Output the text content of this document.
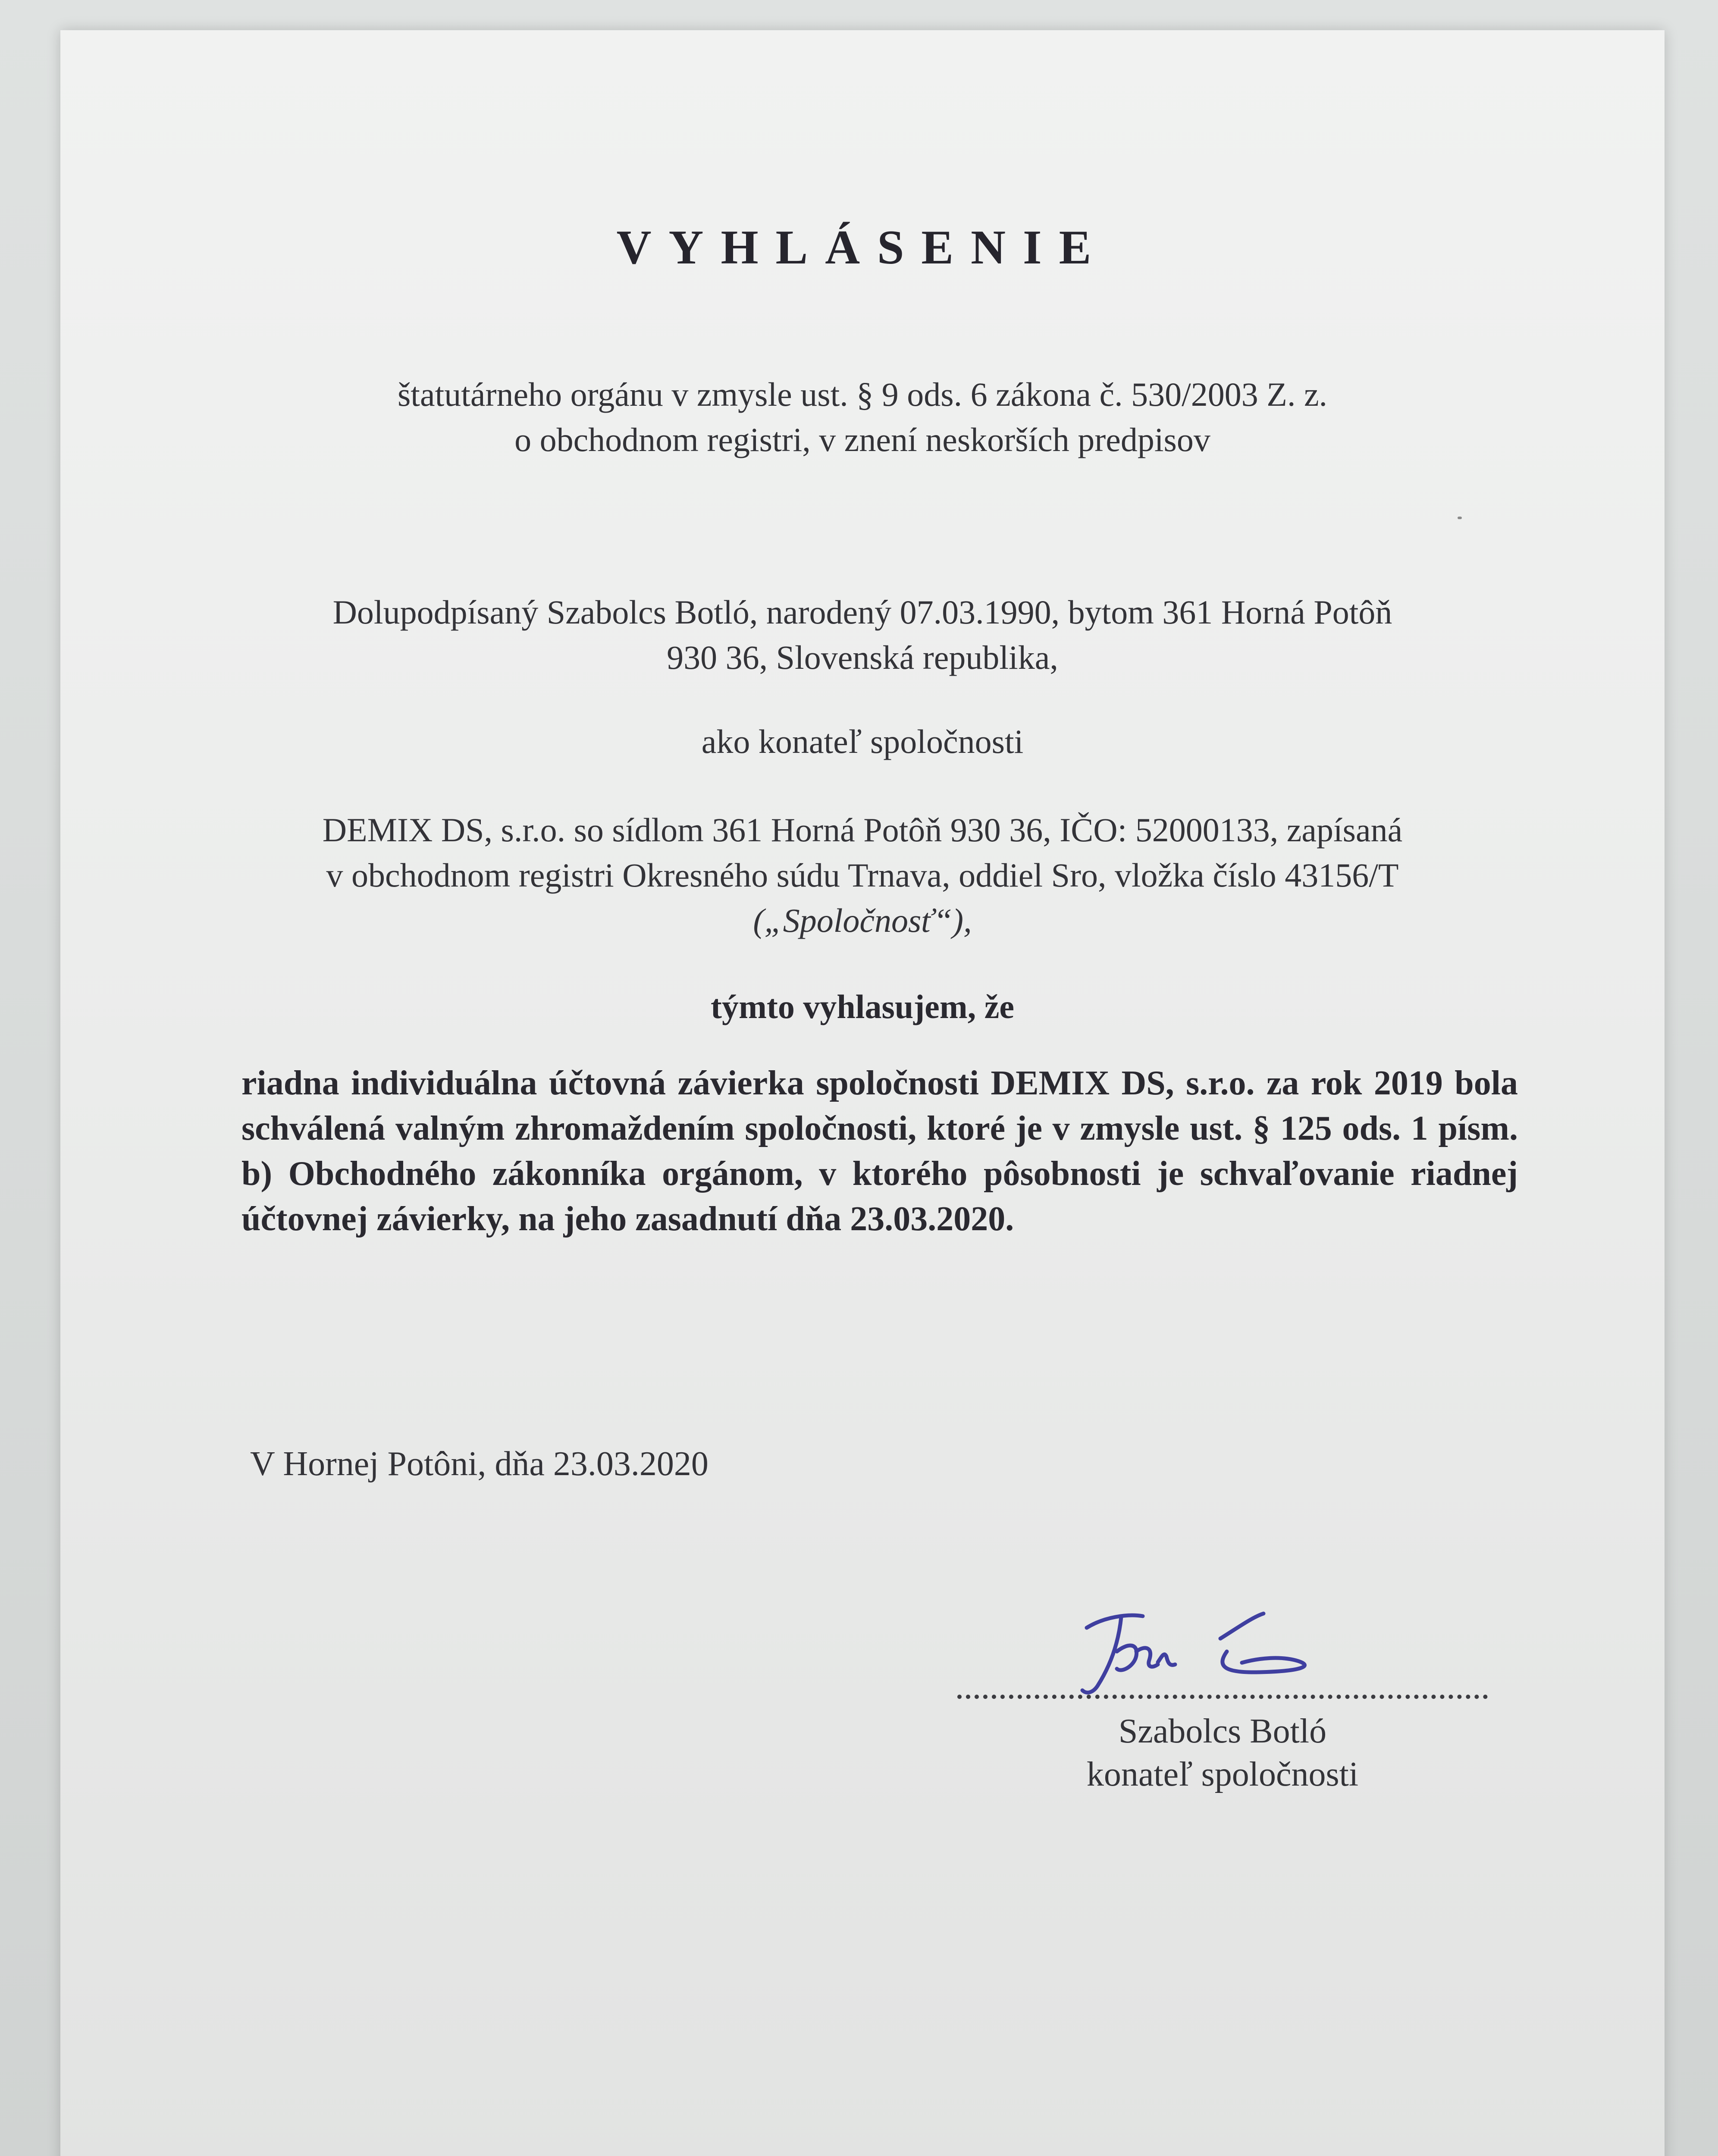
VYHLÁSENIE

štatutárneho orgánu v zmysle ust. § 9 ods. 6 zákona č. 530/2003 Z. z.

o obchodnom registri, v znení neskorších predpisov

Dolupodpísaný Szabolcs Botló, narodený 07.03.1990, bytom 361 Horná Potôň

930 36, Slovenská republika,

ako konateľ spoločnosti

DEMIX DS, s.r.o. so sídlom 361 Horná Potôň 930 36, IČO: 52000133, zapísaná

v obchodnom registri Okresného súdu Trnava, oddiel Sro, vložka číslo 43156/T

(„Spoločnosť“),

týmto vyhlasujem, že

riadna individuálna účtovná závierka spoločnosti DEMIX DS, s.r.o. za rok 2019 bola schválená valným zhromaždením spoločnosti, ktoré je v zmysle ust. § 125 ods. 1 písm. b) Obchodného zákonníka orgánom, v ktorého pôsobnosti je schvaľovanie riadnej účtovnej závierky, na jeho zasadnutí dňa 23.03.2020.

V Hornej Potôni, dňa 23.03.2020

Szabolcs Botló

konateľ spoločnosti
